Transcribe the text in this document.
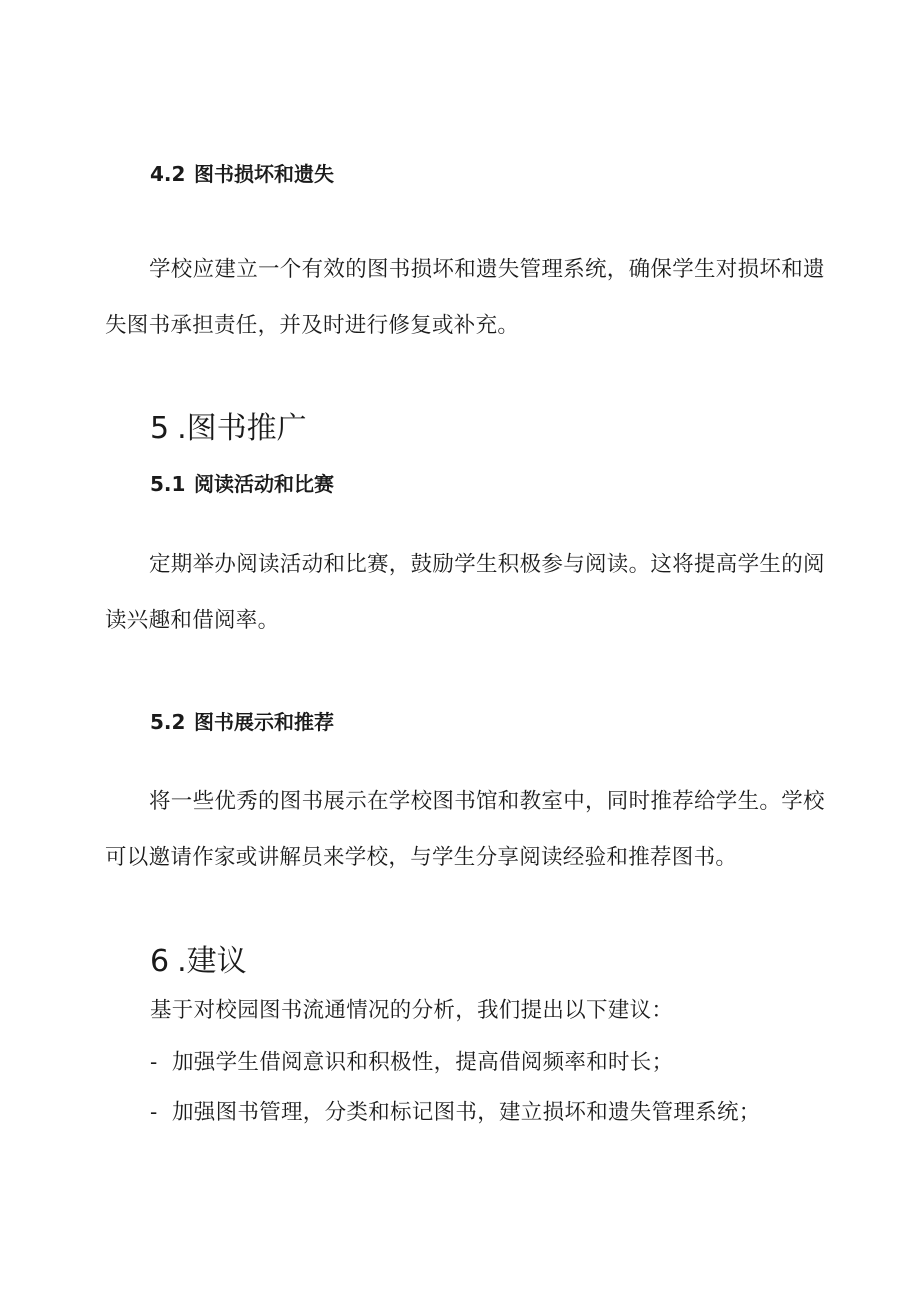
4.2 图书损坏和遗失

学校应建立一个有效的图书损坏和遗失管理系统，确保学生对损坏和遗失图书承担责任，并及时进行修复或补充。

5 .图书推广
5.1 阅读活动和比赛

定期举办阅读活动和比赛，鼓励学生积极参与阅读。这将提高学生的阅读兴趣和借阅率。

5.2 图书展示和推荐

将一些优秀的图书展示在学校图书馆和教室中，同时推荐给学生。学校可以邀请作家或讲解员来学校，与学生分享阅读经验和推荐图书。

6 .建议

基于对校园图书流通情况的分析，我们提出以下建议：

- 加强学生借阅意识和积极性，提高借阅频率和时长；

- 加强图书管理，分类和标记图书，建立损坏和遗失管理系统；
